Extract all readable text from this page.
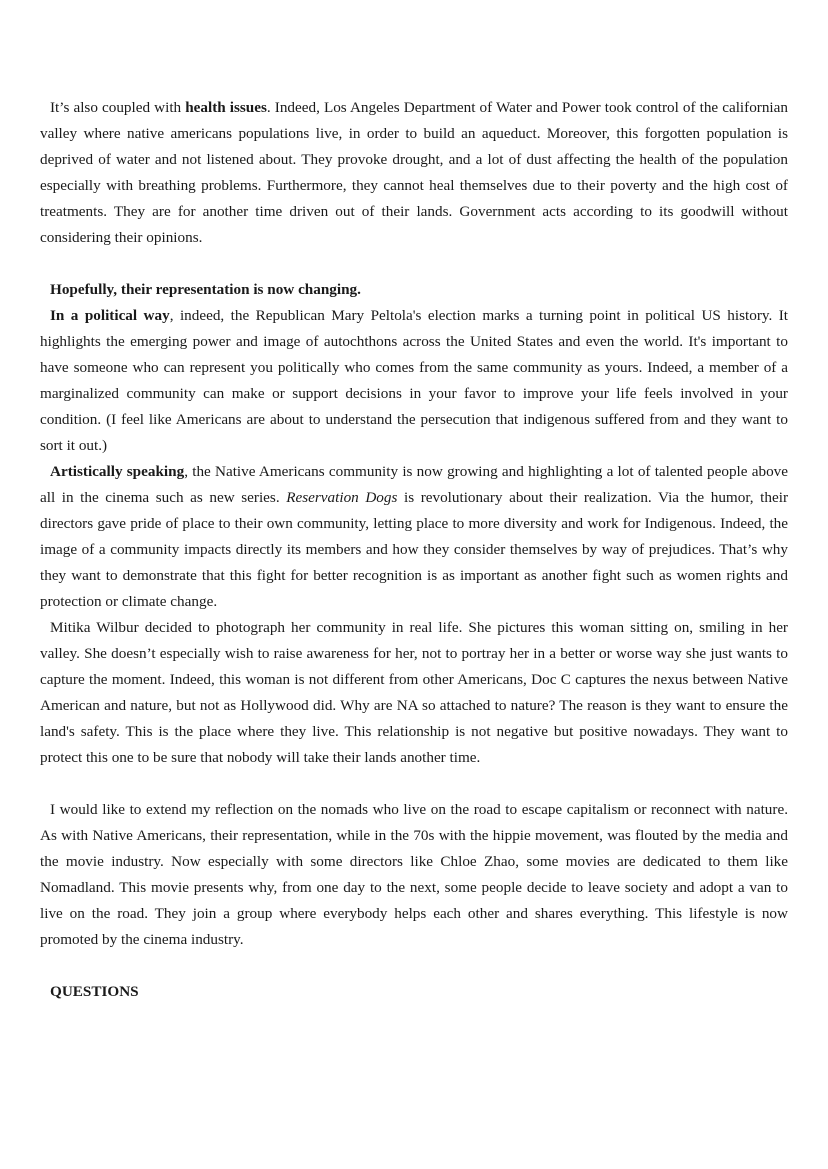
It’s also coupled with health issues. Indeed, Los Angeles Department of Water and Power took control of the californian valley where native americans populations live, in order to build an aqueduct. Moreover, this forgotten population is deprived of water and not listened about. They provoke drought, and a lot of dust affecting the health of the population especially with breathing problems. Furthermore, they cannot heal themselves due to their poverty and the high cost of treatments. They are for another time driven out of their lands. Government acts according to its goodwill without considering their opinions.

Hopefully, their representation is now changing.

In a political way, indeed, the Republican Mary Peltola's election marks a turning point in political US history. It highlights the emerging power and image of autochthons across the United States and even the world. It's important to have someone who can represent you politically who comes from the same community as yours. Indeed, a member of a marginalized community can make or support decisions in your favor to improve your life feels involved in your condition. (I feel like Americans are about to understand the persecution that indigenous suffered from and they want to sort it out.)

Artistically speaking, the Native Americans community is now growing and highlighting a lot of talented people above all in the cinema such as new series. Reservation Dogs is revolutionary about their realization. Via the humor, their directors gave pride of place to their own community, letting place to more diversity and work for Indigenous. Indeed, the image of a community impacts directly its members and how they consider themselves by way of prejudices. That’s why they want to demonstrate that this fight for better recognition is as important as another fight such as women rights and protection or climate change.

Mitika Wilbur decided to photograph her community in real life. She pictures this woman sitting on, smiling in her valley. She doesn’t especially wish to raise awareness for her, not to portray her in a better or worse way she just wants to capture the moment. Indeed, this woman is not different from other Americans, Doc C captures the nexus between Native American and nature, but not as Hollywood did. Why are NA so attached to nature? The reason is they want to ensure the land's safety. This is the place where they live. This relationship is not negative but positive nowadays. They want to protect this one to be sure that nobody will take their lands another time.

I would like to extend my reflection on the nomads who live on the road to escape capitalism or reconnect with nature. As with Native Americans, their representation, while in the 70s with the hippie movement, was flouted by the media and the movie industry. Now especially with some directors like Chloe Zhao, some movies are dedicated to them like Nomadland. This movie presents why, from one day to the next, some people decide to leave society and adopt a van to live on the road. They join a group where everybody helps each other and shares everything. This lifestyle is now promoted by the cinema industry.

QUESTIONS
